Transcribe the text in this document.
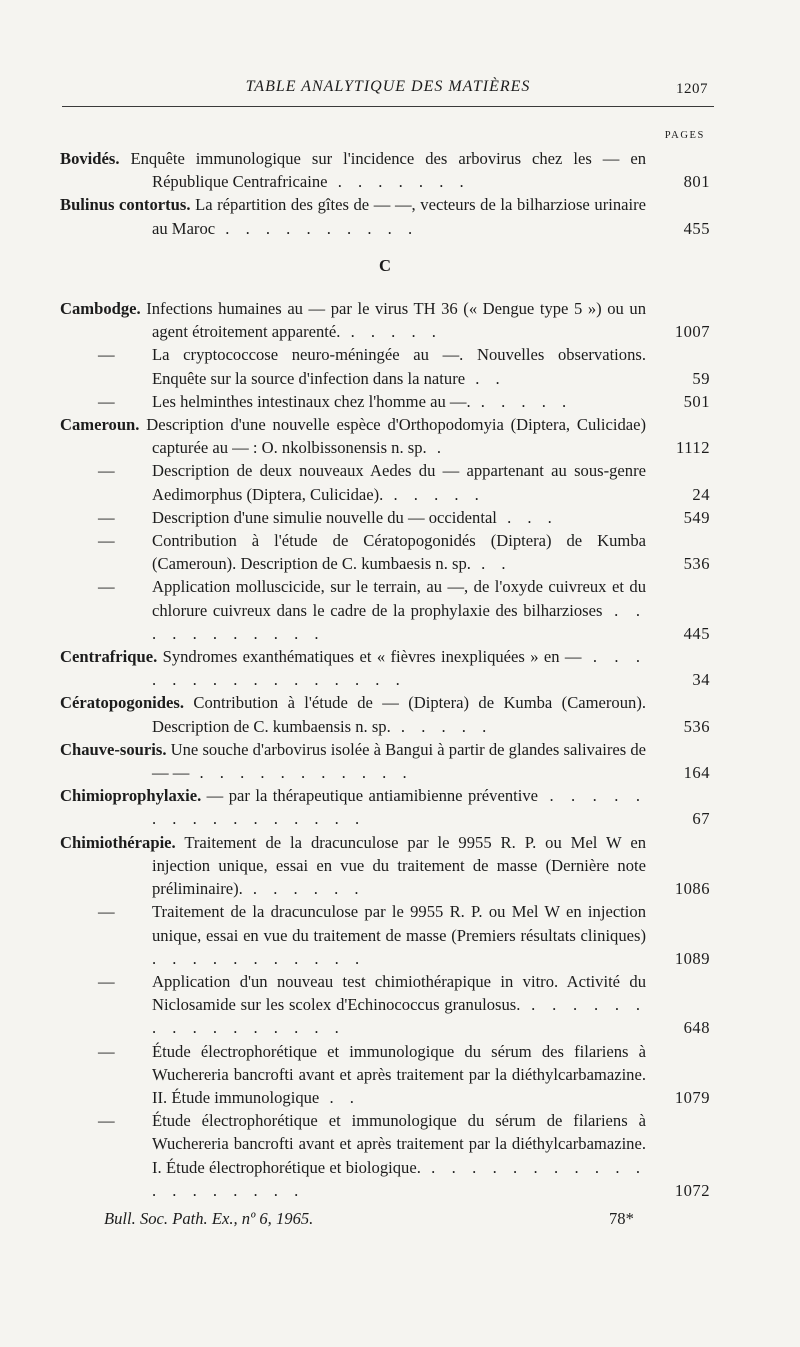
TABLE ANALYTIQUE DES MATIÈRES	1207
PAGES
Bovidés. Enquête immunologique sur l'incidence des arbovirus chez les — en République Centrafricaine . . . . . . .	801
Bulinus contortus. La répartition des gîtes de — —, vecteurs de la bilharziose urinaire au Maroc . . . . . . . . . .	455
C
Cambodge. Infections humaines au — par le virus TH 36 (« Dengue type 5 ») ou un agent étroitement apparenté. . . . . .	1007
— La cryptococcose neuro-méningée au —. Nouvelles observations. Enquête sur la source d'infection dans la nature . .	59
— Les helminthes intestinaux chez l'homme au —. . . . . .	501
Cameroun. Description d'une nouvelle espèce d'Orthopodomyia (Diptera, Culicidae) capturée au — : O. nkolbissonensis n. sp. .	1112
— Description de deux nouveaux Aedes du — appartenant au sous-genre Aedimorphus (Diptera, Culicidae). . . . . .	24
— Description d'une simulie nouvelle du — occidental . . .	549
— Contribution à l'étude de Cératopogonidés (Diptera) de Kumba (Cameroun). Description de C. kumbaesis n. sp. . .	536
— Application molluscicide, sur le terrain, au —, de l'oxyde cuivreux et du chlorure cuivreux dans le cadre de la prophylaxie des bilharzioses . . . . . . . . . . .	445
Centrafrique. Syndromes exanthématiques et « fièvres inexpliquées » en — . . . . . . . . . . . . . . . .	34
Cératopogonides. Contribution à l'étude de — (Diptera) de Kumba (Cameroun). Description de C. kumbaensis n. sp. . . . . .	536
Chauve-souris. Une souche d'arbovirus isolée à Bangui à partir de glandes salivaires de — — . . . . . . . . . . .	164
Chimioprophylaxie. — par la thérapeutique antiamibienne préventive . . . . . . . . . . . . . . . .	67
Chimiothérapie. Traitement de la dracunculose par le 9955 R. P. ou Mel W en injection unique, essai en vue du traitement de masse (Dernière note préliminaire). . . . . . .	1086
— Traitement de la dracunculose par le 9955 R. P. ou Mel W en injection unique, essai en vue du traitement de masse (Premiers résultats cliniques) . . . . . . . . . . .	1089
— Application d'un nouveau test chimiothérapique in vitro. Activité du Niclosamide sur les scolex d'Echinococcus granulosus. . . . . . . . . . . . . . . . .	648
— Étude électrophorétique et immunologique du sérum des filariens à Wuchereria bancrofti avant et après traitement par la diéthylcarbamazine. II. Étude immunologique . .	1079
— Étude électrophorétique et immunologique du sérum de filariens à Wuchereria bancrofti avant et après traitement par la diéthylcarbamazine. I. Étude électrophorétique et biologique. . . . . . . . . . . . . . . . . . . .	1072
Bull. Soc. Path. Ex., nº 6, 1965.	78*
